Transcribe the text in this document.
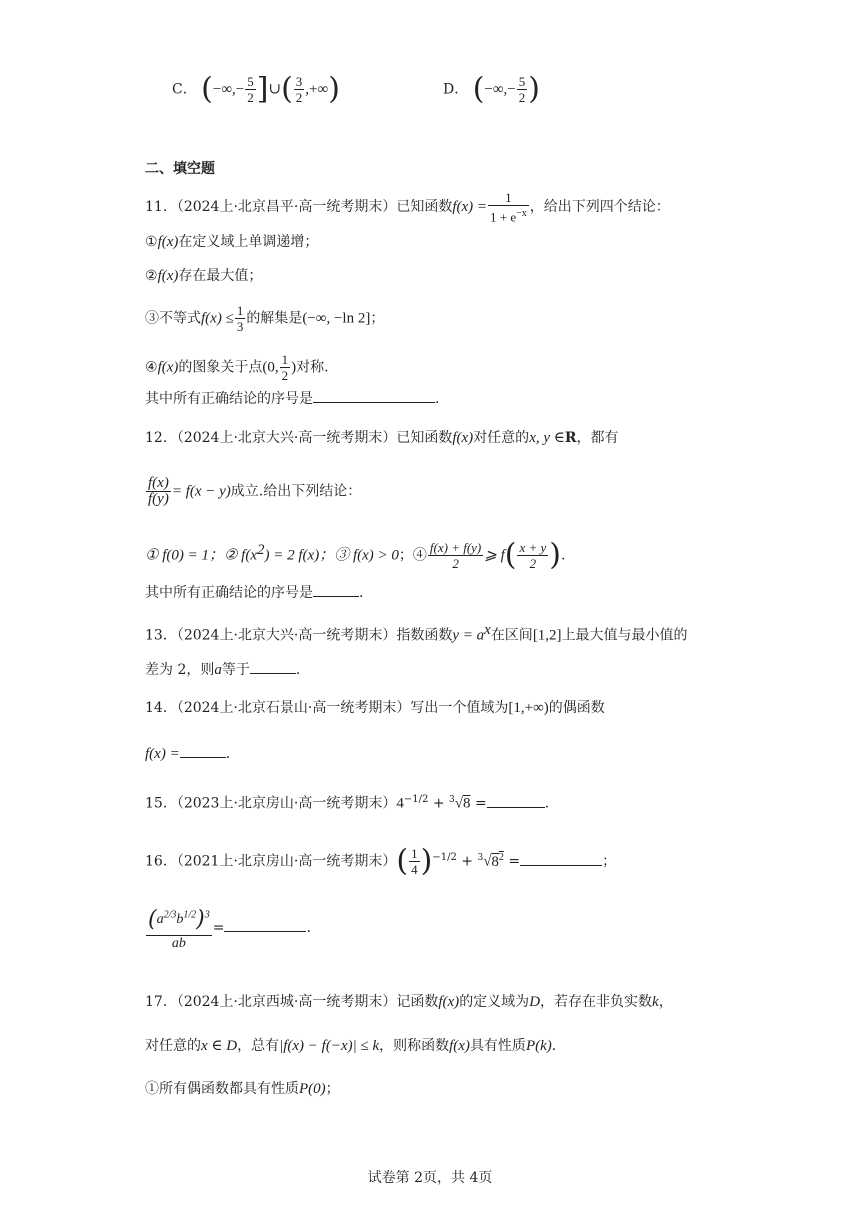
C． (−∞,− $\frac{5}{2}$ ]∪( $\frac{3}{2}$ ,+∞)	D． (−∞,− $\frac{5}{2}$ )
二、填空题
11．（2024上·北京昌平·高一统考期末）已知函数$f(x) = \frac{1}{1 + e^{-x}}$ ，给出下列四个结论：
①f(x)在定义域上单调递增；
②f(x)存在最大值；
③不等式$f(x) \le \frac{1}{3}$ 的解集是(−∞, −ln 2]；
④f(x)的图象关于点(0, $\frac{1}{2}$ )对称.
其中所有正确结论的序号是	.
12．（2024上·北京大兴·高一统考期末）已知函数f(x)对任意的x, y ∈R，都有
$\frac{f(x)}{f(y)} = f(x - y)$成立.给出下列结论：
① f(0) = 1；② $f(x^2) = 2$ f(x)；③ f(x) > 0；④ $\frac{f(x) + f(y)}{2}$ ⩾ $f( \frac{x + y}{2}$ ).
其中所有正确结论的序号是	.
13．（2024上·北京大兴·高一统考期末）指数函数$y = a^x$在区间[1,2]上最大值与最小值的
差为 2，则a等于	.
14．（2024上·北京石景山·高一统考期末）写出一个值域为[1,+∞)的偶函数
f(x) =	.
15．（2023上·北京房山·高一统考期末）$4^{-1/2} + ^3√8$ =	.
16．（2021上·北京房山·高一统考期末）( $\frac{1}{4} )^{-1/2} + ^3√8^2$ =	；
$\frac{(a^{2/3}b^{1/2})^3}{ab}$ =	.
17．（2024上·北京西城·高一统考期末）记函数f(x)的定义域为D，若存在非负实数k，
对任意的x ∈ D，总有|f(x) − f(−x)| ≤ k，则称函数f(x)具有性质P(k).
①所有偶函数都具有性质P(0)；
试卷第 2页，共 4页
